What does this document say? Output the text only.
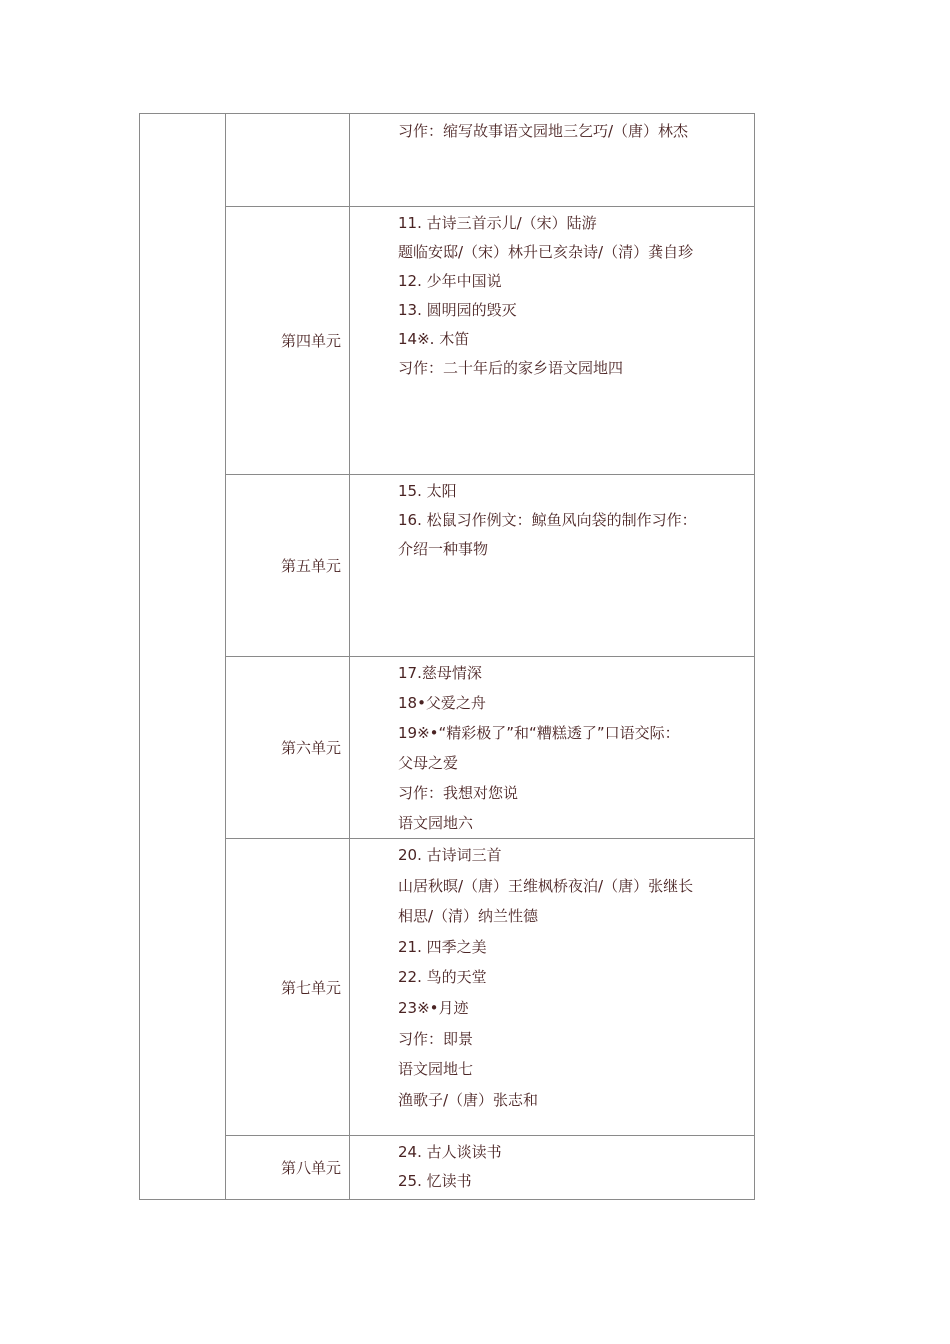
习作：缩写故事语文园地三乞巧/（唐）林杰
第四单元
11. 古诗三首示儿/（宋）陆游
题临安邸/（宋）林升已亥杂诗/（清）龚自珍
12. 少年中国说
13. 圆明园的毁灭
14※. 木笛
习作：二十年后的家乡语文园地四
第五单元
15. 太阳
16. 松鼠习作例文：鲸鱼风向袋的制作习作：
介绍一种事物
第六单元
17.慈母情深
18•父爱之舟
19※•“精彩极了”和“糟糕透了”口语交际：
父母之爱
习作：我想对您说
语文园地六
第七单元
20. 古诗词三首
山居秋暝/（唐）王维枫桥夜泊/（唐）张继长
相思/（清）纳兰性德
21. 四季之美
22. 鸟的天堂
23※•月迹
习作：即景
语文园地七
渔歌子/（唐）张志和
第八单元
24. 古人谈读书
25. 忆读书
